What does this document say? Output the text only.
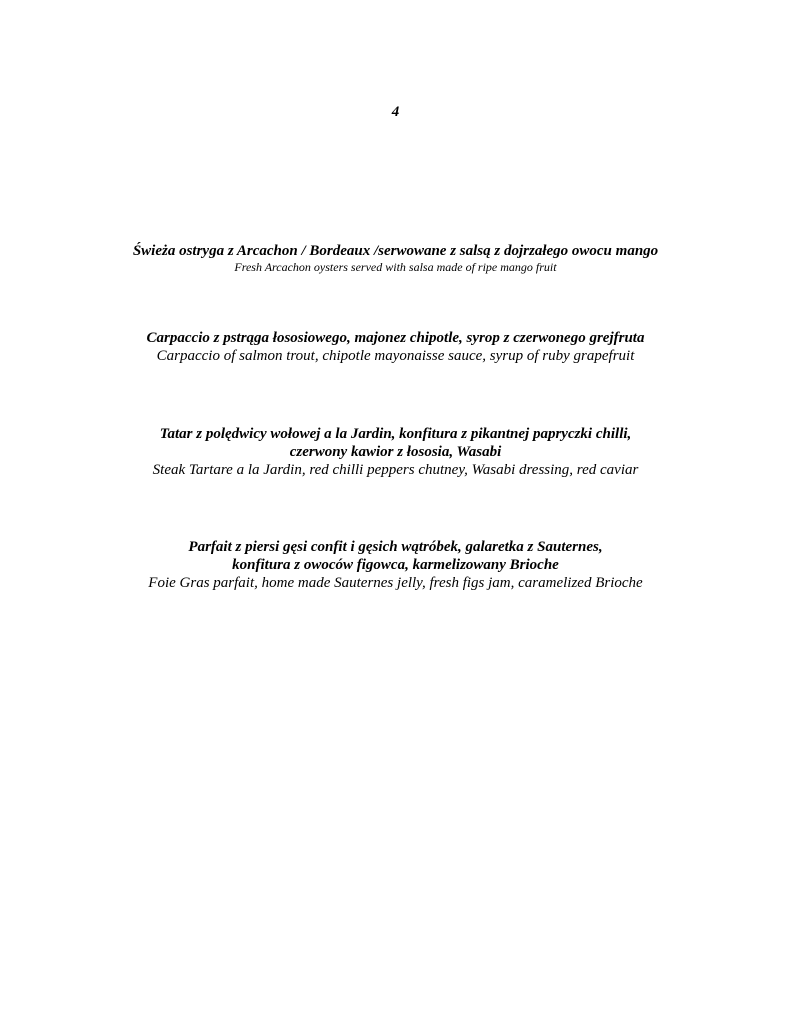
4
Świeża ostryga z Arcachon / Bordeaux /serwowane z salsą z dojrzałego owocu mango
Fresh Arcachon oysters served with salsa made of ripe mango fruit
Carpaccio z pstrąga łososiowego, majonez chipotle, syrop z czerwonego grejfruta
Carpaccio of salmon trout, chipotle mayonaisse sauce, syrup of ruby grapefruit
Tatar z polędwicy wołowej a la Jardin, konfitura z pikantnej papryczki chilli,
czerwony kawior z łososia, Wasabi
Steak Tartare a la Jardin, red chilli peppers chutney, Wasabi dressing, red caviar
Parfait z piersi gęsi confit i gęsich wątróbek, galaretka z Sauternes,
konfitura z owoców figowca, karmelizowany Brioche
Foie Gras parfait, home made Sauternes jelly, fresh figs jam, caramelized Brioche
